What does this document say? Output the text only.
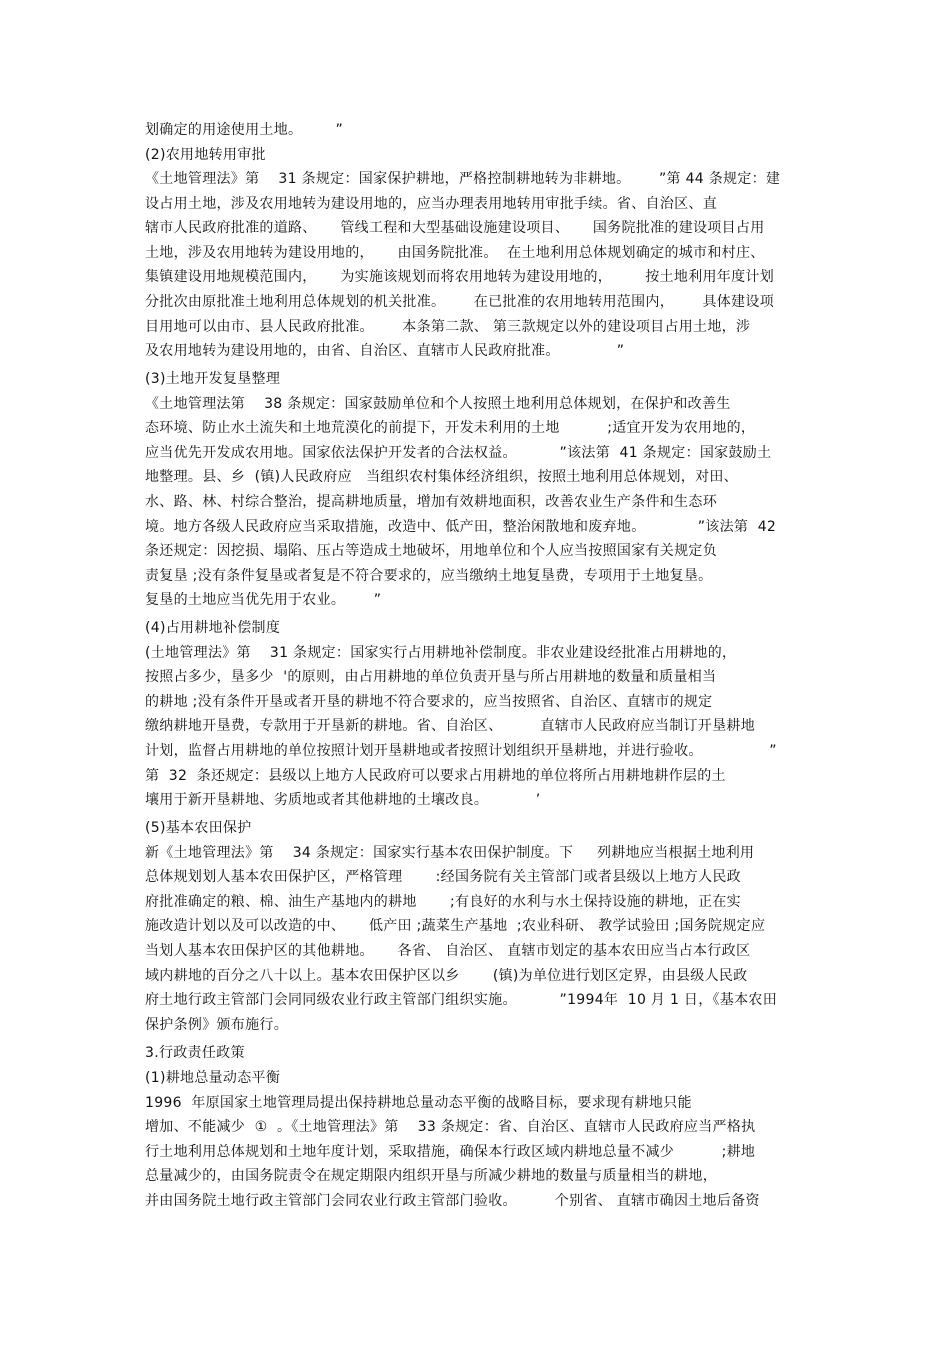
划确定的用途使用土地。       ”
(2)农用地转用审批
《土地管理法》第    31 条规定：国家保护耕地，严格控制耕地转为非耕地。      ”第 44 条规定：建
设占用土地，涉及农用地转为建设用地的，应当办理表用地转用审批手续。省、自治区、直
辖市人民政府批准的道路、     管线工程和大型基础设施建设项目、     国务院批准的建设项目占用
土地，涉及农用地转为建设用地的，     由国务院批准。  在土地利用总体规划确定的城市和村庄、
集镇建设用地规模范围内，     为实施该规划而将农用地转为建设用地的，       按土地利用年度计划
分批次由原批准土地利用总体规划的机关批准。      在已批准的农用地转用范围内，      具体建设项
目用地可以由市、县人民政府批准。      本条第二款、 第三款规定以外的建设项目占用土地，涉
及农用地转为建设用地的，由省、自治区、直辖市人民政府批准。            ”
(3)土地开发复垦整理
《土地管理法第    38 条规定：国家鼓励单位和个人按照土地利用总体规划，在保护和改善生
态环境、防止水土流失和土地荒漠化的前提下，开发未利用的土地          ;适宜开发为农用地的，
应当优先开发成农用地。国家依法保护开发者的合法权益。         ”该法第  41 条规定：国家鼓励土
地整理。县、乡  (镇)人民政府应   当组织农村集体经济组织，按照土地利用总体规划，对田、
水、路、林、村综合整治，提高耕地质量，增加有效耕地面积，改善农业生产条件和生态环
境。地方各级人民政府应当采取措施，改造中、低产田，整治闲散地和废弃地。           ”该法第  42
条还规定：因挖损、塌陷、压占等造成土地破坏，用地单位和个人应当按照国家有关规定负
责复垦 ;没有条件复垦或者复是不符合要求的，应当缴纳土地复垦费，专项用于土地复垦。
复垦的土地应当优先用于农业。      ”
(4)占用耕地补偿制度
(土地管理法》第    31 条规定：国家实行占用耕地补偿制度。非农业建设经批准占用耕地的，
按照占多少，垦多少  '的原则，由占用耕地的单位负责开垦与所占用耕地的数量和质量相当
的耕地 ;没有条件开垦或者开垦的耕地不符合要求的，应当按照省、自治区、直辖市的规定
缴纳耕地开垦费，专款用于开垦新的耕地。省、自治区、        直辖市人民政府应当制订开垦耕地
计划，监督占用耕地的单位按照计划开垦耕地或者按照计划组织开垦耕地，并进行验收。              ”
第  32  条还规定：县级以上地方人民政府可以要求占用耕地的单位将所占用耕地耕作层的土
壤用于新开垦耕地、劣质地或者其他耕地的土壤改良。          ’
(5)基本农田保护
新《土地管理法》第    34 条规定：国家实行基本农田保护制度。下     列耕地应当根据土地利用
总体规划划人基本农田保护区，严格管理       :经国务院有关主管部门或者县级以上地方人民政
府批准确定的粮、棉、油生产基地内的耕地       ;有良好的水利与水土保持设施的耕地，正在实
施改造计划以及可以改造的中、     低产田 ;蔬菜生产基地  ;农业科研、 教学试验田 ;国务院规定应
当划人基本农田保护区的其他耕地。     各省、 自治区、 直辖市划定的基本农田应当占本行政区
域内耕地的百分之八十以上。基本农田保护区以乡       (镇)为单位进行划区定界，由县级人民政
府土地行政主管部门会同同级农业行政主管部门组织实施。         ”1994年  10 月 1 日，《基本农田
保护条例》颁布施行。
3.行政责任政策
(1)耕地总量动态平衡
1996  年原国家土地管理局提出保持耕地总量动态平衡的战略目标，要求现有耕地只能
增加、不能减少  ①  。《土地管理法》第    33 条规定：省、自治区、直辖市人民政府应当严格执
行土地利用总体规划和土地年度计划，采取措施，确保本行政区域内耕地总量不减少          ;耕地
总量减少的，由国务院责令在规定期限内组织开垦与所减少耕地的数量与质量相当的耕地，
并由国务院土地行政主管部门会同农业行政主管部门验收。        个别省、 直辖市确因土地后备资
